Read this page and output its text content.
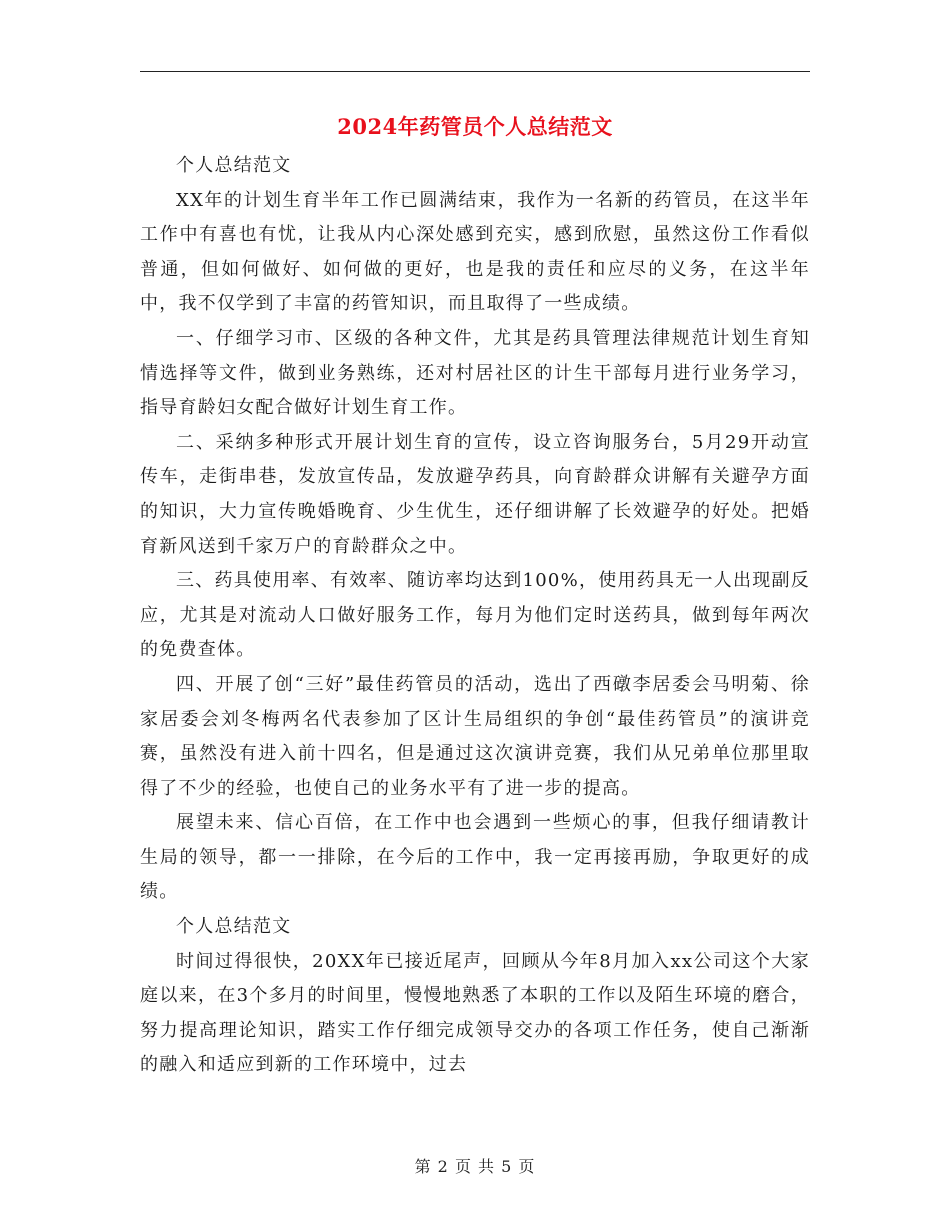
2024年药管员个人总结范文

个人总结范文

XX年的计划生育半年工作已圆满结束，我作为一名新的药管员，在这半年工作中有喜也有忧，让我从内心深处感到充实，感到欣慰，虽然这份工作看似普通，但如何做好、如何做的更好，也是我的责任和应尽的义务，在这半年中，我不仅学到了丰富的药管知识，而且取得了一些成绩。

一、仔细学习市、区级的各种文件，尤其是药具管理法律规范计划生育知情选择等文件，做到业务熟练，还对村居社区的计生干部每月进行业务学习，指导育龄妇女配合做好计划生育工作。

二、采纳多种形式开展计划生育的宣传，设立咨询服务台，5月29开动宣传车，走街串巷，发放宣传品，发放避孕药具，向育龄群众讲解有关避孕方面的知识，大力宣传晚婚晚育、少生优生，还仔细讲解了长效避孕的好处。把婚育新风送到千家万户的育龄群众之中。

三、药具使用率、有效率、随访率均达到100%，使用药具无一人出现副反应，尤其是对流动人口做好服务工作，每月为他们定时送药具，做到每年两次的免费查体。

四、开展了创“三好”最佳药管员的活动，选出了西礅李居委会马明菊、徐家居委会刘冬梅两名代表参加了区计生局组织的争创“最佳药管员”的演讲竞赛，虽然没有进入前十四名，但是通过这次演讲竞赛，我们从兄弟单位那里取得了不少的经验，也使自己的业务水平有了进一步的提高。

展望未来、信心百倍，在工作中也会遇到一些烦心的事，但我仔细请教计生局的领导，都一一排除，在今后的工作中，我一定再接再励，争取更好的成绩。

个人总结范文

时间过得很快，20XX年已接近尾声，回顾从今年8月加入xx公司这个大家庭以来，在3个多月的时间里，慢慢地熟悉了本职的工作以及陌生环境的磨合，努力提高理论知识，踏实工作仔细完成领导交办的各项工作任务，使自己渐渐的融入和适应到新的工作环境中，过去

第 2 页 共 5 页
